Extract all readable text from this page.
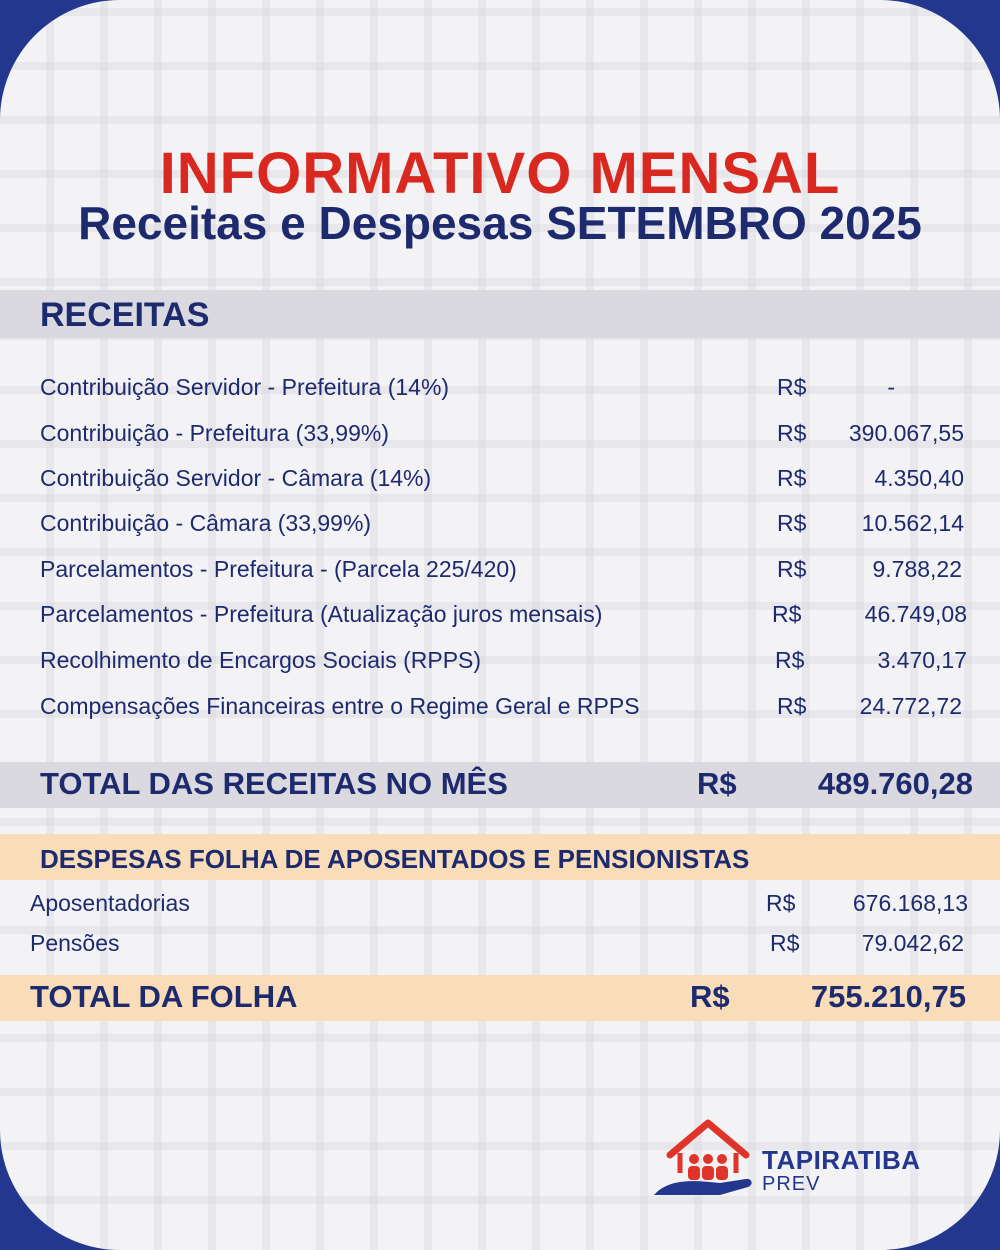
INFORMATIVO MENSAL
Receitas e Despesas SETEMBRO 2025
RECEITAS
Contribuição Servidor - Prefeitura (14%)	R$	-
Contribuição - Prefeitura (33,99%)	R$ 390.067,55
Contribuição Servidor - Câmara (14%)	R$	4.350,40
Contribuição - Câmara (33,99%)	R$ 10.562,14
Parcelamentos - Prefeitura - (Parcela 225/420)	R$	9.788,22
Parcelamentos - Prefeitura (Atualização juros mensais)	R$	46.749,08
Recolhimento de Encargos Sociais (RPPS)	R$	3.470,17
Compensações Financeiras entre o Regime Geral e RPPS	R$ 24.772,72
TOTAL DAS RECEITAS NO MÊS	R$	489.760,28
DESPESAS FOLHA DE APOSENTADOS E PENSIONISTAS
Aposentadorias	R$ 676.168,13
Pensões	R$	79.042,62
TOTAL DA FOLHA	R$	755.210,75
TAPIRATIBA
PREV
